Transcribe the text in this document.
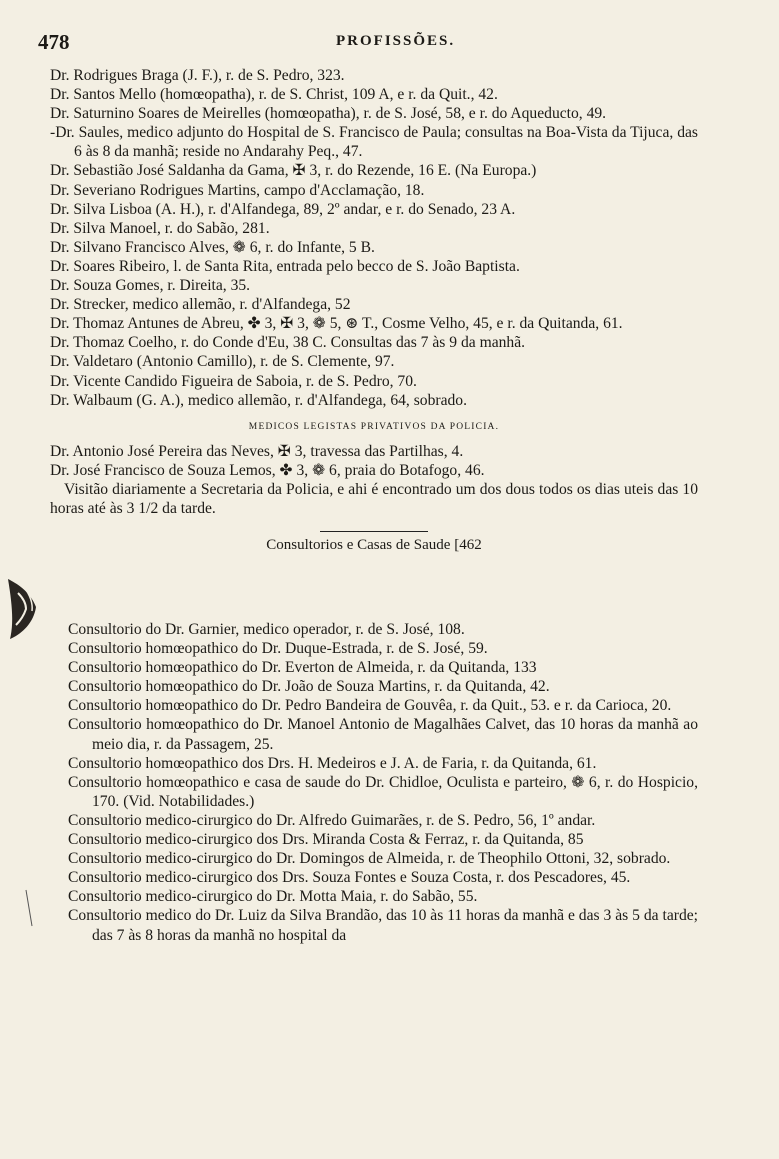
478	PROFISSÕES.

Dr. Rodrigues Braga (J. F.), r. de S. Pedro, 323.

Dr. Santos Mello (homœopatha), r. de S. Christ, 109 A, e r. da Quit., 42.

Dr. Saturnino Soares de Meirelles (homœopatha), r. de S. José, 58, e r. do Aqueducto, 49.

-Dr. Saules, medico adjunto do Hospital de S. Francisco de Paula; consultas na Boa-Vista da Tijuca, das 6 às 8 da manhã; reside no Andarahy Peq., 47.

Dr. Sebastião José Saldanha da Gama, ✠ 3, r. do Rezende, 16 E. (Na Europa.)

Dr. Severiano Rodrigues Martins, campo d'Acclamação, 18.

Dr. Silva Lisboa (A. H.), r. d'Alfandega, 89, 2º andar, e r. do Senado, 23 A.

Dr. Silva Manoel, r. do Sabão, 281.

Dr. Silvano Francisco Alves, ❁ 6, r. do Infante, 5 B.

Dr. Soares Ribeiro, l. de Santa Rita, entrada pelo becco de S. João Baptista.

Dr. Souza Gomes, r. Direita, 35.

Dr. Strecker, medico allemão, r. d'Alfandega, 52

Dr. Thomaz Antunes de Abreu, ✤ 3, ✠ 3, ❁ 5, ⊛ T., Cosme Velho, 45, e r. da Quitanda, 61.

Dr. Thomaz Coelho, r. do Conde d'Eu, 38 C. Consultas das 7 às 9 da manhã.

Dr. Valdetaro (Antonio Camillo), r. de S. Clemente, 97.

Dr. Vicente Candido Figueira de Saboia, r. de S. Pedro, 70.

Dr. Walbaum (G. A.), medico allemão, r. d'Alfandega, 64, sobrado.

MEDICOS LEGISTAS PRIVATIVOS DA POLICIA.

Dr. Antonio José Pereira das Neves, ✠ 3, travessa das Partilhas, 4.

Dr. José Francisco de Souza Lemos, ✤ 3, ❁ 6, praia do Botafogo, 46.

Visitão diariamente a Secretaria da Policia, e ahi é encontrado um dos dous todos os dias uteis das 10 horas até às 3 1/2 da tarde.

Consultorios e Casas de Saude [462

Consultorio do Dr. Garnier, medico operador, r. de S. José, 108.

Consultorio homœopathico do Dr. Duque-Estrada, r. de S. José, 59.

Consultorio homœopathico do Dr. Everton de Almeida, r. da Quitanda, 133

Consultorio homœopathico do Dr. João de Souza Martins, r. da Quitanda, 42.

Consultorio homœopathico do Dr. Pedro Bandeira de Gouvêa, r. da Quit., 53. e r. da Carioca, 20.

Consultorio homœopathico do Dr. Manoel Antonio de Magalhães Calvet, das 10 horas da manhã ao meio dia, r. da Passagem, 25.

Consultorio homœopathico dos Drs. H. Medeiros e J. A. de Faria, r. da Quitanda, 61.

Consultorio homœopathico e casa de saude do Dr. Chidloe, Oculista e parteiro, ❁ 6, r. do Hospicio, 170. (Vid. Notabilidades.)

Consultorio medico-cirurgico do Dr. Alfredo Guimarães, r. de S. Pedro, 56, 1º andar.

Consultorio medico-cirurgico dos Drs. Miranda Costa & Ferraz, r. da Quitanda, 85

Consultorio medico-cirurgico do Dr. Domingos de Almeida, r. de Theophilo Ottoni, 32, sobrado.

Consultorio medico-cirurgico dos Drs. Souza Fontes e Souza Costa, r. dos Pescadores, 45.

Consultorio medico-cirurgico do Dr. Motta Maia, r. do Sabão, 55.

Consultorio medico do Dr. Luiz da Silva Brandão, das 10 às 11 horas da manhã e das 3 às 5 da tarde; das 7 às 8 horas da manhã no hospital da
